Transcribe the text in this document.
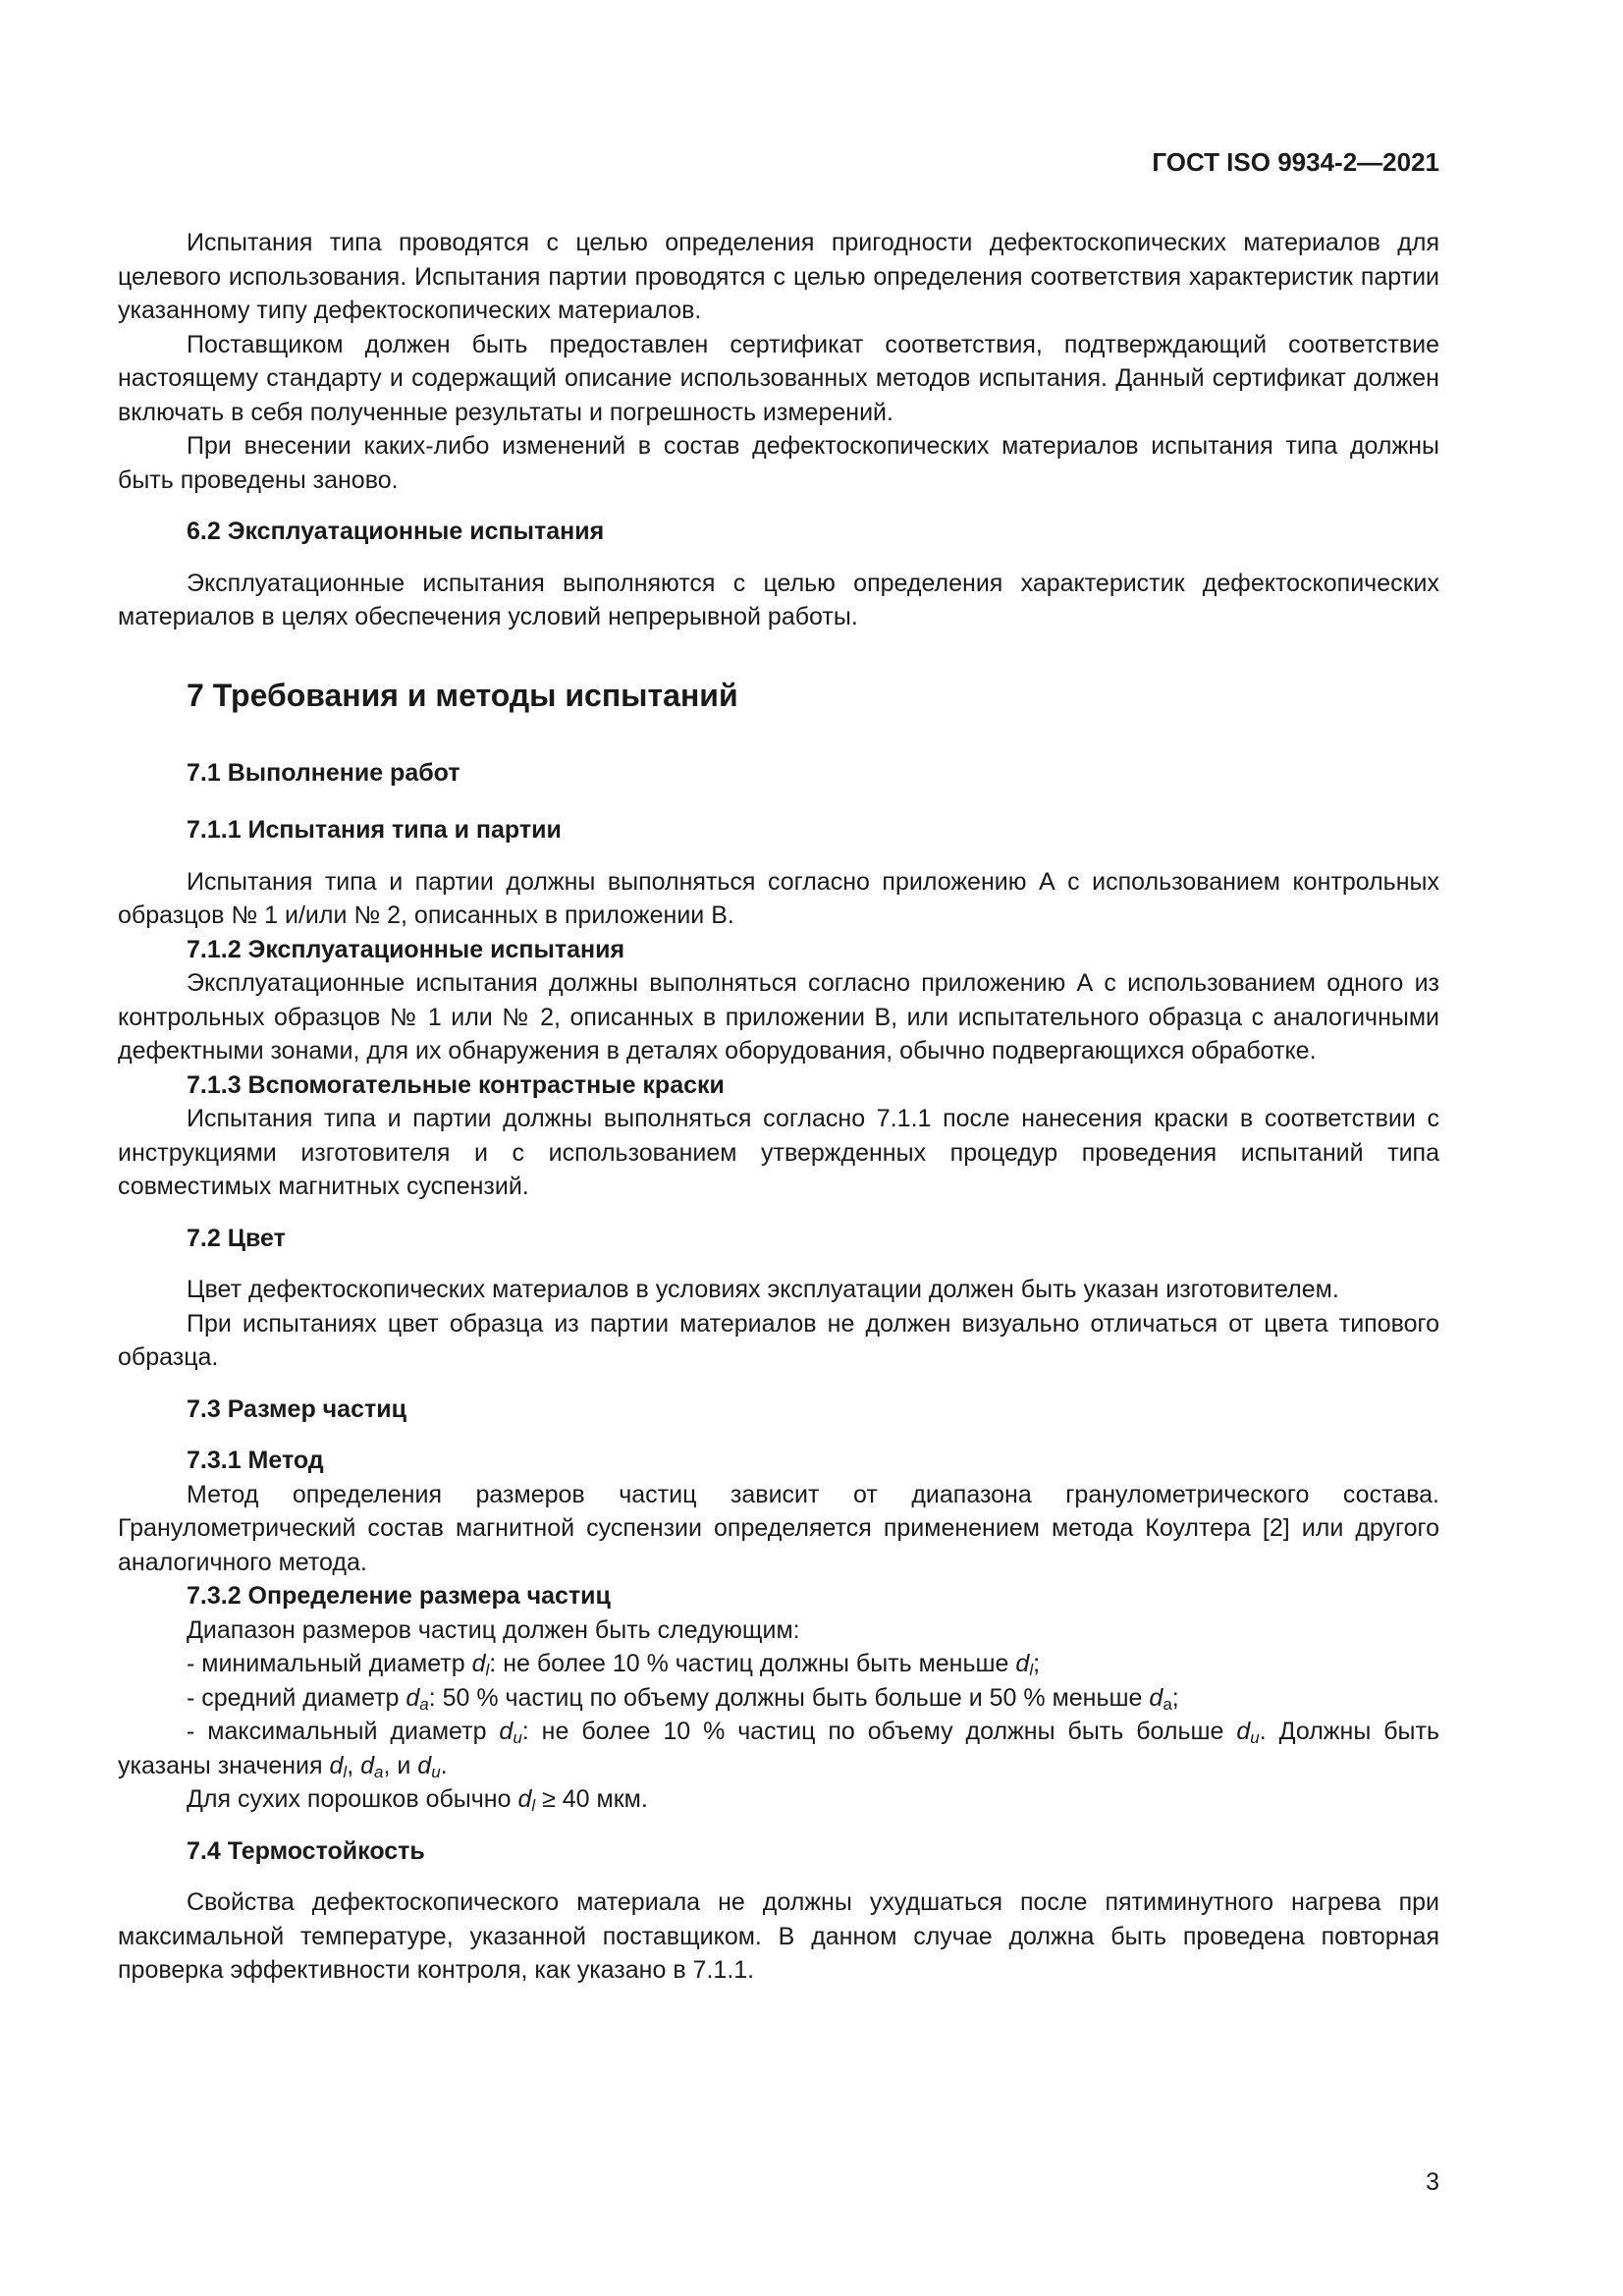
ГОСТ ISO 9934-2—2021

Испытания типа проводятся с целью определения пригодности дефектоскопических материалов для целевого использования. Испытания партии проводятся с целью определения соответствия характеристик партии указанному типу дефектоскопических материалов.

Поставщиком должен быть предоставлен сертификат соответствия, подтверждающий соответствие настоящему стандарту и содержащий описание использованных методов испытания. Данный сертификат должен включать в себя полученные результаты и погрешность измерений.

При внесении каких-либо изменений в состав дефектоскопических материалов испытания типа должны быть проведены заново.

6.2 Эксплуатационные испытания

Эксплуатационные испытания выполняются с целью определения характеристик дефектоскопических материалов в целях обеспечения условий непрерывной работы.

7 Требования и методы испытаний
7.1 Выполнение работ
7.1.1 Испытания типа и партии

Испытания типа и партии должны выполняться согласно приложению А с использованием контрольных образцов № 1 и/или № 2, описанных в приложении В.

7.1.2 Эксплуатационные испытания

Эксплуатационные испытания должны выполняться согласно приложению А с использованием одного из контрольных образцов № 1 или № 2, описанных в приложении В, или испытательного образца с аналогичными дефектными зонами, для их обнаружения в деталях оборудования, обычно подвергающихся обработке.

7.1.3 Вспомогательные контрастные краски

Испытания типа и партии должны выполняться согласно 7.1.1 после нанесения краски в соответствии с инструкциями изготовителя и с использованием утвержденных процедур проведения испытаний типа совместимых магнитных суспензий.

7.2 Цвет

Цвет дефектоскопических материалов в условиях эксплуатации должен быть указан изготовителем.

При испытаниях цвет образца из партии материалов не должен визуально отличаться от цвета типового образца.

7.3 Размер частиц
7.3.1 Метод

Метод определения размеров частиц зависит от диапазона гранулометрического состава. Гранулометрический состав магнитной суспензии определяется применением метода Коултера [2] или другого аналогичного метода.

7.3.2 Определение размера частиц

Диапазон размеров частиц должен быть следующим:

- минимальный диаметр $d_l$: не более 10 % частиц должны быть меньше $d_l$;
- средний диаметр $d_a$: 50 % частиц по объему должны быть больше и 50 % меньше $d_a$;

- максимальный диаметр $d_u$: не более 10 % частиц по объему должны быть больше $d_u$. Должны быть указаны значения $d_l$, $d_a$, и $d_u$.

Для сухих порошков обычно $d_l \ge 40$ мкм.

7.4 Термостойкость

Свойства дефектоскопического материала не должны ухудшаться после пятиминутного нагрева при максимальной температуре, указанной поставщиком. В данном случае должна быть проведена повторная проверка эффективности контроля, как указано в 7.1.1.

3
